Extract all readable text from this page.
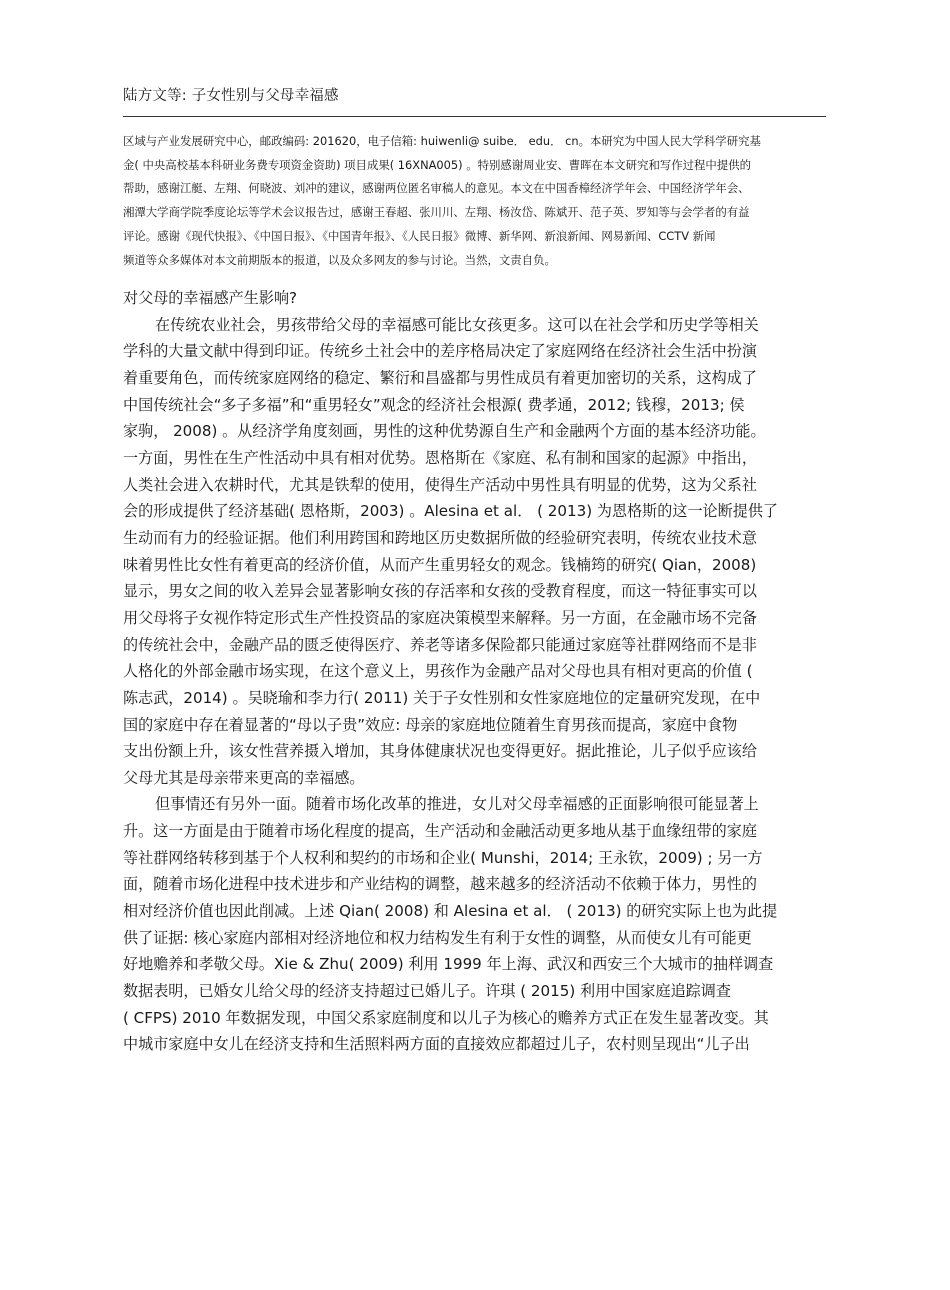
陆方文等: 子女性别与父母幸福感
区域与产业发展研究中心，邮政编码: 201620，电子信箱: huiwenli@ suibe． edu． cn。本研究为中国人民大学科学研究基
金( 中央高校基本科研业务费专项资金资助) 项目成果( 16XNA005) 。特别感谢周业安、曹晖在本文研究和写作过程中提供的
帮助，感谢江艇、左翔、何晓波、刘冲的建议，感谢两位匿名审稿人的意见。本文在中国香樟经济学年会、中国经济学年会、
湘潭大学商学院季度论坛等学术会议报告过，感谢王春超、张川川、左翔、杨汝岱、陈斌开、范子英、罗知等与会学者的有益
评论。感谢《现代快报》、《中国日报》、《中国青年报》、《人民日报》微博、新华网、新浪新闻、网易新闻、CCTV 新闻
频道等众多媒体对本文前期版本的报道，以及众多网友的参与讨论。当然，文责自负。
对父母的幸福感产生影响?
在传统农业社会，男孩带给父母的幸福感可能比女孩更多。这可以在社会学和历史学等相关
学科的大量文献中得到印证。传统乡土社会中的差序格局决定了家庭网络在经济社会生活中扮演
着重要角色，而传统家庭网络的稳定、繁衍和昌盛都与男性成员有着更加密切的关系，这构成了
中国传统社会“多子多福”和“重男轻女”观念的经济社会根源( 费孝通，2012; 钱穆，2013; 侯
家驹， 2008) 。从经济学角度刻画，男性的这种优势源自生产和金融两个方面的基本经济功能。
一方面，男性在生产性活动中具有相对优势。恩格斯在《家庭、私有制和国家的起源》中指出，
人类社会进入农耕时代，尤其是铁犁的使用，使得生产活动中男性具有明显的优势，这为父系社
会的形成提供了经济基础( 恩格斯，2003) 。Alesina et al． ( 2013) 为恩格斯的这一论断提供了
生动而有力的经验证据。他们利用跨国和跨地区历史数据所做的经验研究表明，传统农业技术意
味着男性比女性有着更高的经济价值，从而产生重男轻女的观念。钱楠筠的研究( Qian，2008)
显示，男女之间的收入差异会显著影响女孩的存活率和女孩的受教育程度，而这一特征事实可以
用父母将子女视作特定形式生产性投资品的家庭决策模型来解释。另一方面，在金融市场不完备
的传统社会中，金融产品的匮乏使得医疗、养老等诸多保险都只能通过家庭等社群网络而不是非
人格化的外部金融市场实现，在这个意义上，男孩作为金融产品对父母也具有相对更高的价值 (
陈志武，2014) 。吴晓瑜和李力行( 2011) 关于子女性别和女性家庭地位的定量研究发现，在中
国的家庭中存在着显著的“母以子贵”效应: 母亲的家庭地位随着生育男孩而提高，家庭中食物
支出份额上升，该女性营养摄入增加，其身体健康状况也变得更好。据此推论，儿子似乎应该给
父母尤其是母亲带来更高的幸福感。
但事情还有另外一面。随着市场化改革的推进，女儿对父母幸福感的正面影响很可能显著上
升。这一方面是由于随着市场化程度的提高，生产活动和金融活动更多地从基于血缘纽带的家庭
等社群网络转移到基于个人权利和契约的市场和企业( Munshi，2014; 王永钦，2009) ; 另一方
面，随着市场化进程中技术进步和产业结构的调整，越来越多的经济活动不依赖于体力，男性的
相对经济价值也因此削减。上述 Qian( 2008) 和 Alesina et al． ( 2013) 的研究实际上也为此提
供了证据: 核心家庭内部相对经济地位和权力结构发生有利于女性的调整，从而使女儿有可能更
好地赡养和孝敬父母。Xie & Zhu( 2009) 利用 1999 年上海、武汉和西安三个大城市的抽样调查
数据表明，已婚女儿给父母的经济支持超过已婚儿子。许琪 ( 2015) 利用中国家庭追踪调查
( CFPS) 2010 年数据发现，中国父系家庭制度和以儿子为核心的赡养方式正在发生显著改变。其
中城市家庭中女儿在经济支持和生活照料两方面的直接效应都超过儿子，农村则呈现出“儿子出
